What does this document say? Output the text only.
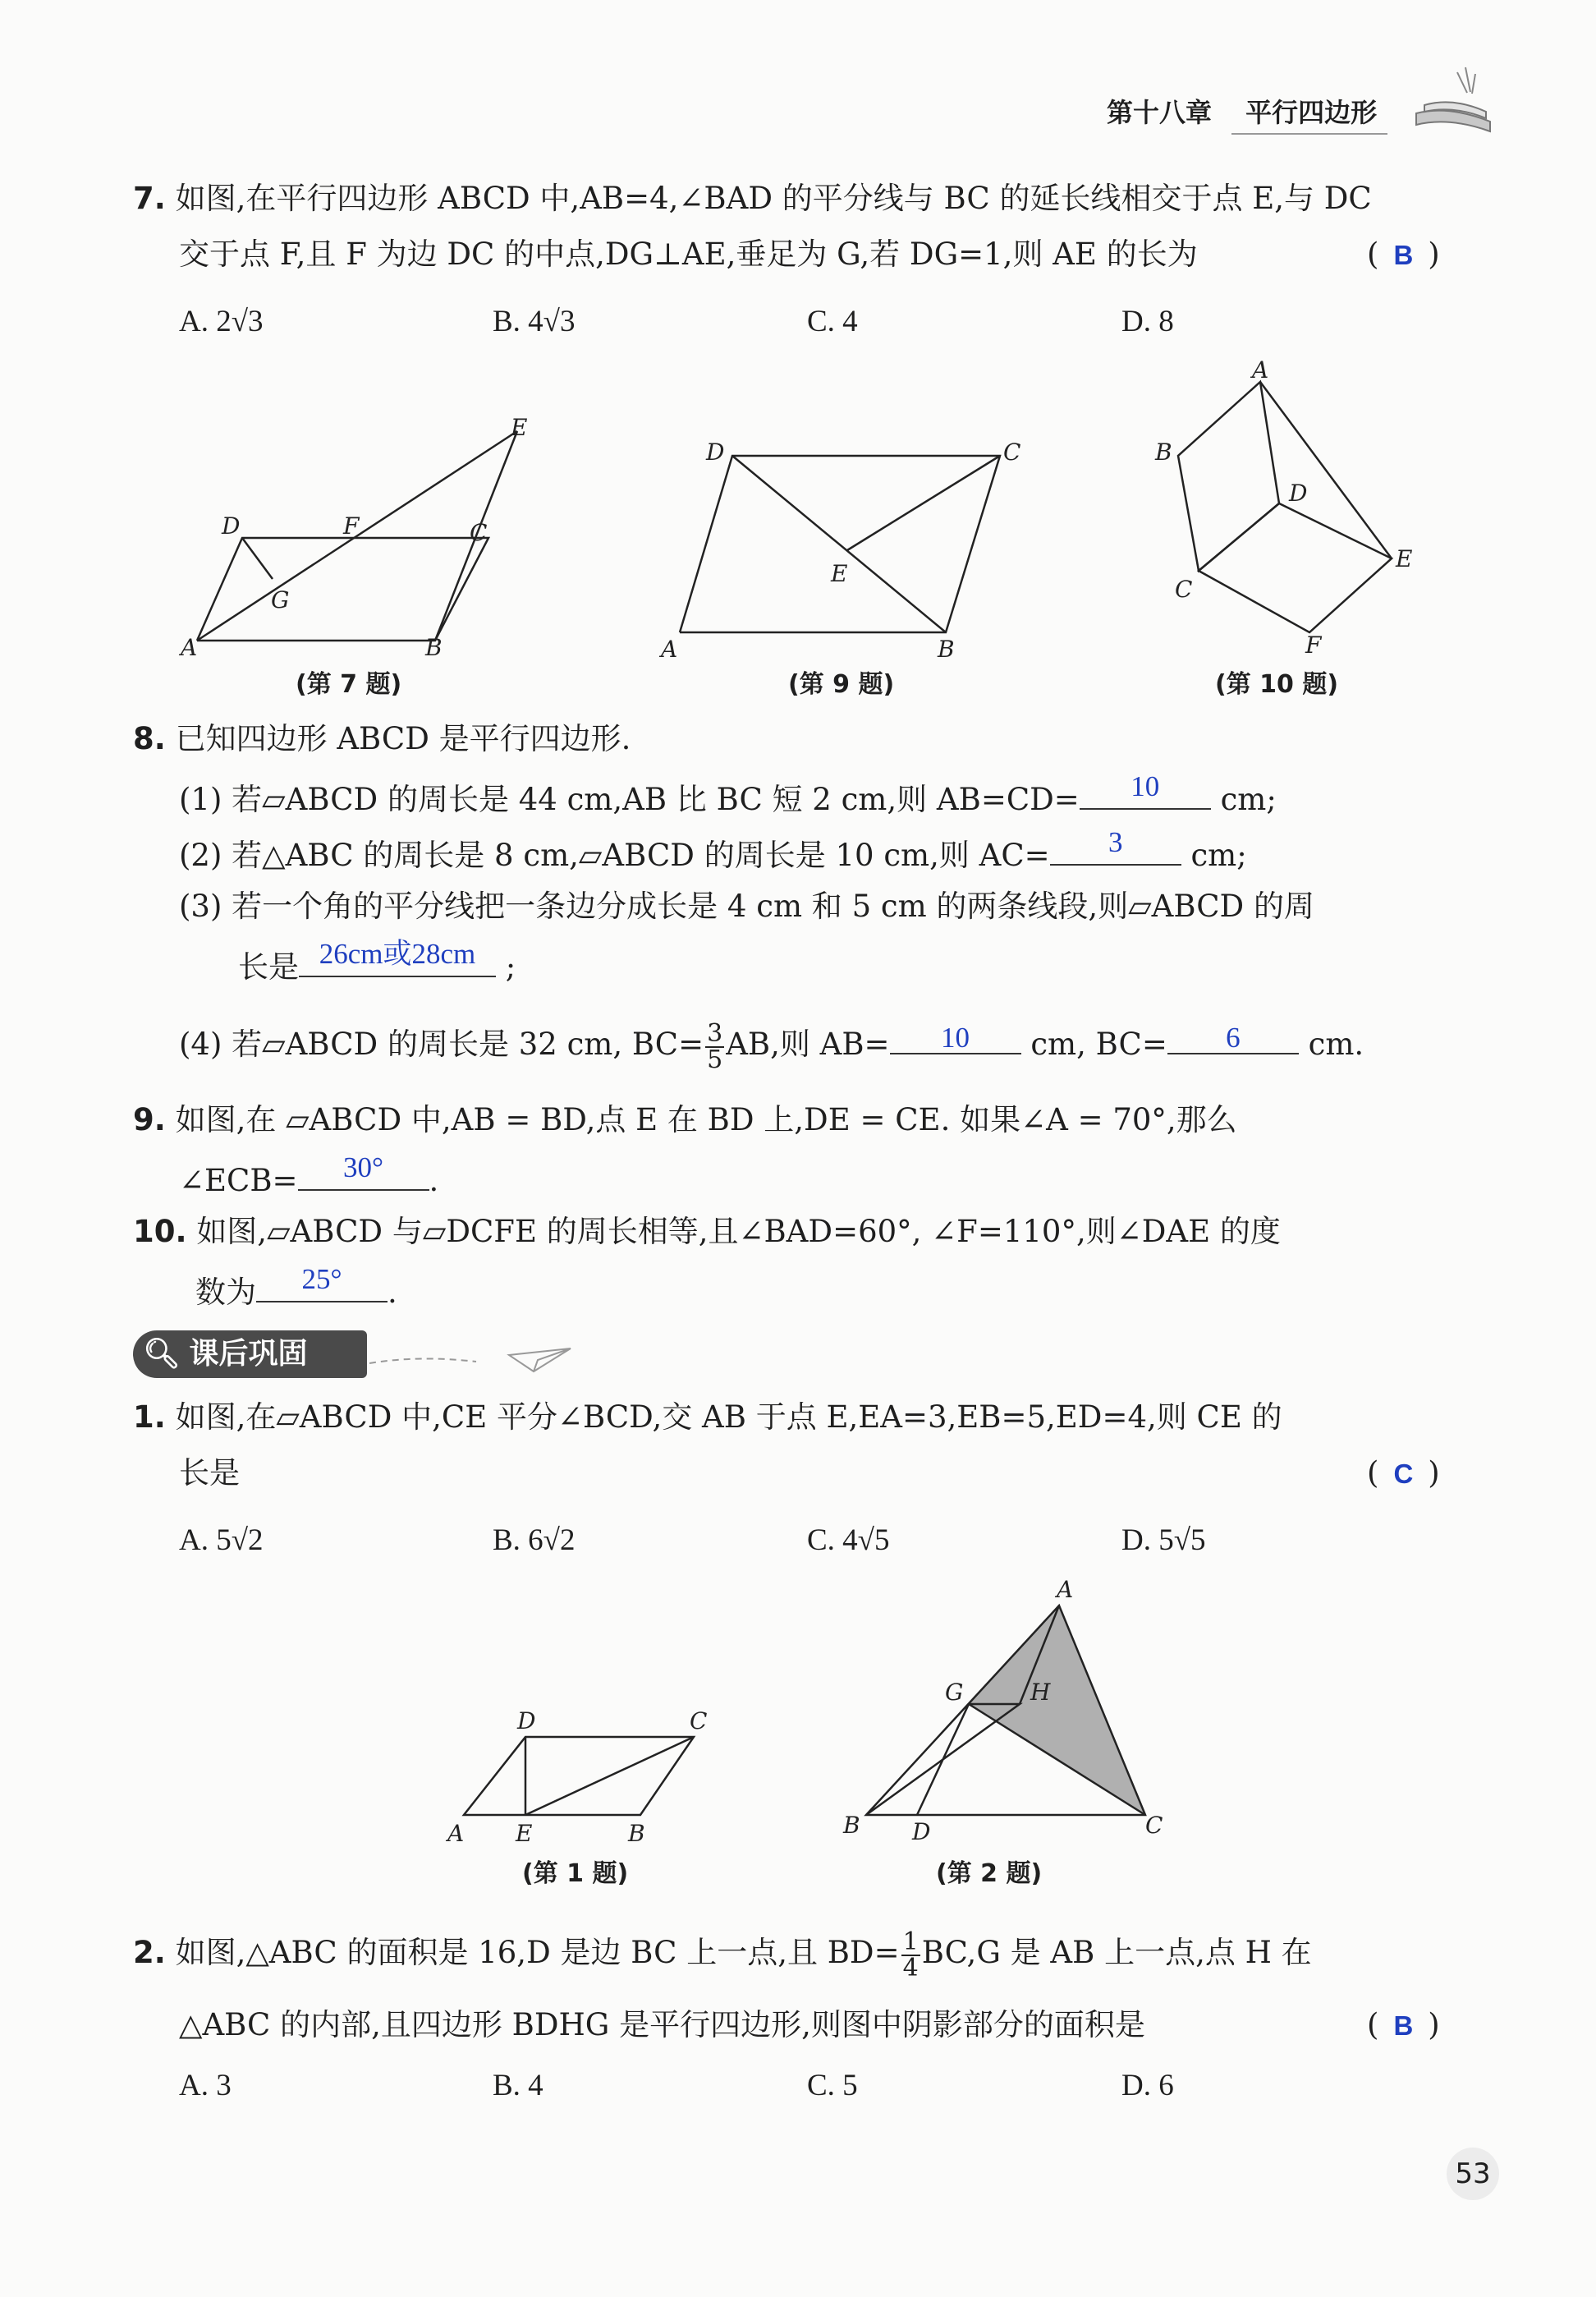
第十八章 平行四边形
7. 如图,在平行四边形 ABCD 中,AB=4,∠BAD 的平分线与 BC 的延长线相交于点 E,与 DC
交于点 F,且 F 为边 DC 的中点,DG⊥AE,垂足为 G,若 DG=1,则 AE 的长为	( B )
A. 2√3	B. 4√3	C. 4	D. 8
A	B
C
D
E
F
G
(第 7 题)
A	B
C
D
E
(第 9 题)
A
B
C
D
E
F
(第 10 题)
8. 已知四边形 ABCD 是平行四边形.
(1) 若▱ABCD 的周长是 44 cm,AB 比 BC 短 2 cm,则 AB=CD=	10	cm;
(2) 若△ABC 的周长是 8 cm,▱ABCD 的周长是 10 cm,则 AC=	3	cm;
(3) 若一个角的平分线把一条边分成长是 4 cm 和 5 cm 的两条线段,则▱ABCD 的周
长是 26cm或28cm ;
(4) 若▱ABCD 的周长是 32 cm, $BC= \frac{3}{5}$ AB,则 AB=	10	cm, BC=	6	cm.
9. 如图,在 ▱ABCD 中,AB = BD,点 E 在 BD 上,DE = CE. 如果∠A = 70°,那么
∠ECB=	30°	.
10. 如图,▱ABCD 与▱DCFE 的周长相等,且∠BAD=60°, ∠F=110°,则∠DAE 的度
数为	25°	.
🔍︎ 课后巩固
1. 如图,在▱ABCD 中,CE 平分∠BCD,交 AB 于点 E,EA=3,EB=5,ED=4,则 CE 的
长是	( C )
A. 5√2	B. 6√2	C. 4√5	D. 5√5
A	B
C
D
E
(第 1 题)
A
B	C
D
G	H
(第 2 题)
2. 如图,△ABC 的面积是 16,D 是边 BC 上一点,且 $BD= \frac{1}{4} BC,G$ 是 AB 上一点,点 H 在
△ABC 的内部,且四边形 BDHG 是平行四边形,则图中阴影部分的面积是	( B )
A. 3	B. 4	C. 5	D. 6
53
